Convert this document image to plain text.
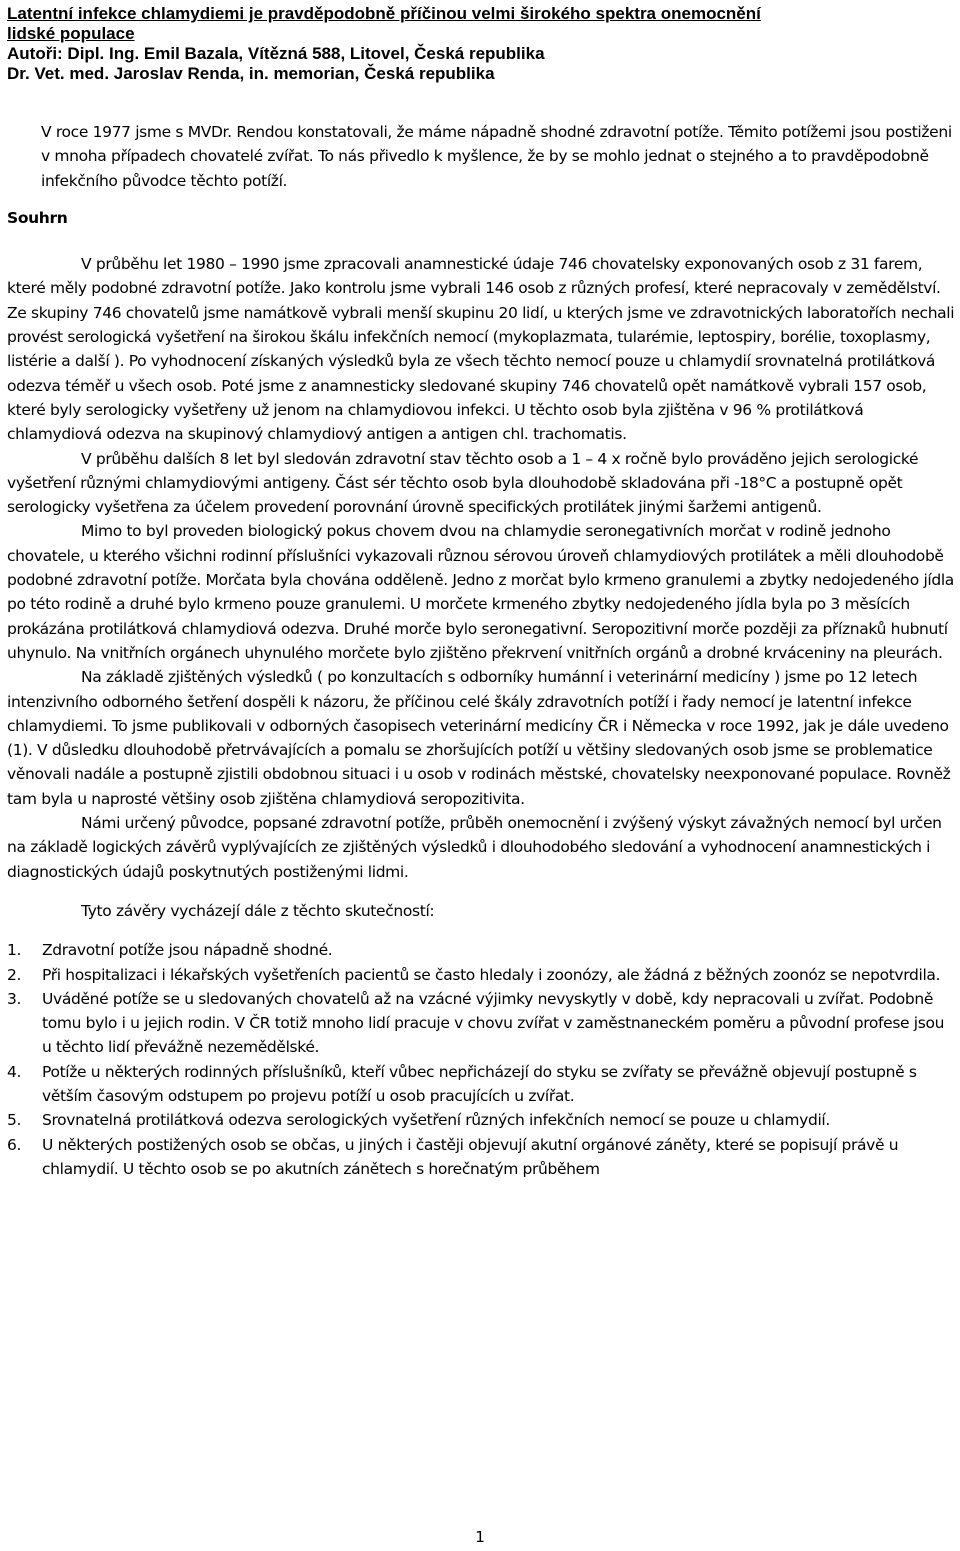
Latentní infekce chlamydiemi je pravděpodobně příčinou velmi širokého spektra onemocnění
lidské populace
Autoři: Dipl. Ing. Emil Bazala, Vítězná 588, Litovel, Česká republika
Dr. Vet. med. Jaroslav Renda, in. memorian, Česká republika

V roce 1977 jsme s MVDr. Rendou konstatovali, že máme nápadně shodné zdravotní potíže. Těmito potížemi jsou postiženi v mnoha případech chovatelé zvířat. To nás přivedlo k myšlence, že by se mohlo jednat o stejného a to pravděpodobně infekčního původce těchto potíží.

Souhrn

V průběhu let 1980 – 1990 jsme zpracovali anamnestické údaje 746 chovatelsky exponovaných osob z 31 farem, které měly podobné zdravotní potíže. Jako kontrolu jsme vybrali 146 osob z různých profesí, které nepracovaly v zemědělství. Ze skupiny 746 chovatelů jsme namátkově vybrali menší skupinu 20 lidí, u kterých jsme ve zdravotnických laboratořích nechali provést serologická vyšetření na širokou škálu infekčních nemocí (mykoplazmata, tularémie, leptospiry, borélie, toxoplasmy, listérie a další ). Po vyhodnocení získaných výsledků byla ze všech těchto nemocí pouze u chlamydií srovnatelná protilátková odezva téměř u všech osob. Poté jsme z anamnesticky sledované skupiny 746 chovatelů opět namátkově vybrali 157 osob, které byly serologicky vyšetřeny už jenom na chlamydiovou infekci. U těchto osob byla zjištěna v 96 % protilátková chlamydiová odezva na skupinový chlamydiový antigen a antigen chl. trachomatis.

V průběhu dalších 8 let byl sledován zdravotní stav těchto osob a 1 – 4 x ročně bylo prováděno jejich serologické vyšetření různými chlamydiovými antigeny. Část sér těchto osob byla dlouhodobě skladována při -18°C a postupně opět serologicky vyšetřena za účelem provedení porovnání úrovně specifických protilátek jinými šaržemi antigenů.

Mimo to byl proveden biologický pokus chovem dvou na chlamydie seronegativních morčat v rodině jednoho chovatele, u kterého všichni rodinní příslušníci vykazovali různou sérovou úroveň chlamydiových protilátek a měli dlouhodobě podobné zdravotní potíže. Morčata byla chována odděleně. Jedno z morčat bylo krmeno granulemi a zbytky nedojedeného jídla po této rodině a druhé bylo krmeno pouze granulemi. U morčete krmeného zbytky nedojedeného jídla byla po 3 měsících prokázána protilátková chlamydiová odezva. Druhé morče bylo seronegativní. Seropozitivní morče později za příznaků hubnutí uhynulo. Na vnitřních orgánech uhynulého morčete bylo zjištěno překrvení vnitřních orgánů a drobné krváceniny na pleurách.

Na základě zjištěných výsledků ( po konzultacích s odborníky humánní i veterinární medicíny ) jsme po 12 letech intenzivního odborného šetření dospěli k názoru, že příčinou celé škály zdravotních potíží i řady nemocí je latentní infekce chlamydiemi. To jsme publikovali v odborných časopisech veterinární medicíny ČR i Německa v roce 1992, jak je dále uvedeno (1). V důsledku dlouhodobě přetrvávajících a pomalu se zhoršujících potíží u většiny sledovaných osob jsme se problematice věnovali nadále a postupně zjistili obdobnou situaci i u osob v rodinách městské, chovatelsky neexponované populace. Rovněž tam byla u naprosté většiny osob zjištěna chlamydiová seropozitivita.

Námi určený původce, popsané zdravotní potíže, průběh onemocnění i zvýšený výskyt závažných nemocí byl určen na základě logických závěrů vyplývajících ze zjištěných výsledků i dlouhodobého sledování a vyhodnocení anamnestických i diagnostických údajů poskytnutých postiženými lidmi.

Tyto závěry vycházejí dále z těchto skutečností:

1. Zdravotní potíže jsou nápadně shodné.
2. Při hospitalizaci i lékařských vyšetřeních pacientů se často hledaly i zoonózy, ale žádná z běžných zoonóz se nepotvrdila.
3. Uváděné potíže se u sledovaných chovatelů až na vzácné výjimky nevyskytly v době, kdy nepracovali u zvířat. Podobně tomu bylo i u jejich rodin. V ČR totiž mnoho lidí pracuje v chovu zvířat v zaměstnaneckém poměru a původní profese jsou u těchto lidí převážně nezemědělské.
4. Potíže u některých rodinných příslušníků, kteří vůbec nepřicházejí do styku se zvířaty se převážně objevují postupně s větším časovým odstupem po projevu potíží u osob pracujících u zvířat.
5. Srovnatelná protilátková odezva serologických vyšetření různých infekčních nemocí se pouze u chlamydií.
6. U některých postižených osob se občas, u jiných i častěji objevují akutní orgánové záněty, které se popisují právě u chlamydií. U těchto osob se po akutních zánětech s horečnatým průběhem
1
